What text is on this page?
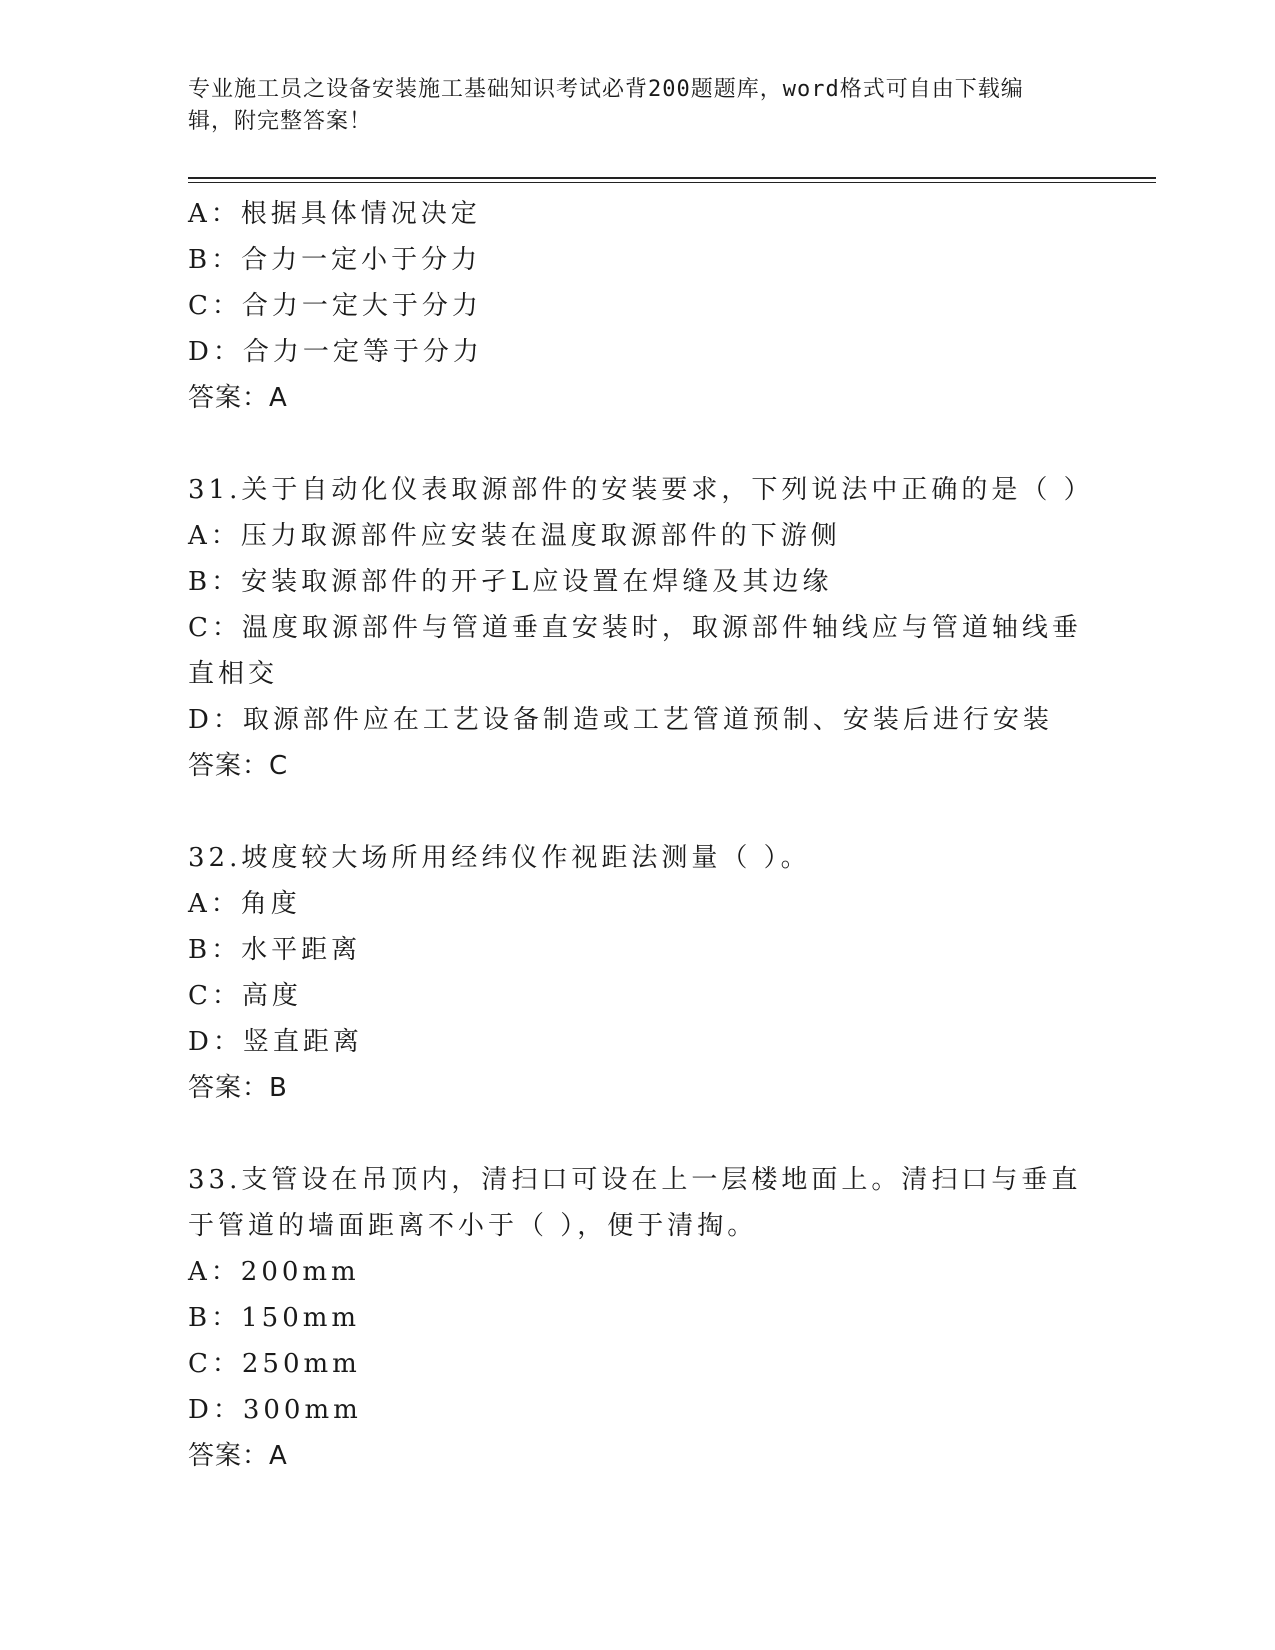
专业施工员之设备安装施工基础知识考试必背200题题库，word格式可自由下载编辑，附完整答案！
A：根据具体情况决定
B：合力一定小于分力
C：合力一定大于分力
D：合力一定等于分力
答案：A
31.关于自动化仪表取源部件的安装要求，下列说法中正确的是（ ）
A：压力取源部件应安装在温度取源部件的下游侧
B：安装取源部件的开孑L应设置在焊缝及其边缘
C：温度取源部件与管道垂直安装时，取源部件轴线应与管道轴线垂直相交
D：取源部件应在工艺设备制造或工艺管道预制、安装后进行安装
答案：C
32.坡度较大场所用经纬仪作视距法测量（ ）。
A：角度
B：水平距离
C：高度
D：竖直距离
答案：B
33.支管设在吊顶内，清扫口可设在上一层楼地面上。清扫口与垂直于管道的墙面距离不小于（ ），便于清掏。
A：200mm
B：150mm
C：250mm
D：300mm
答案：A
